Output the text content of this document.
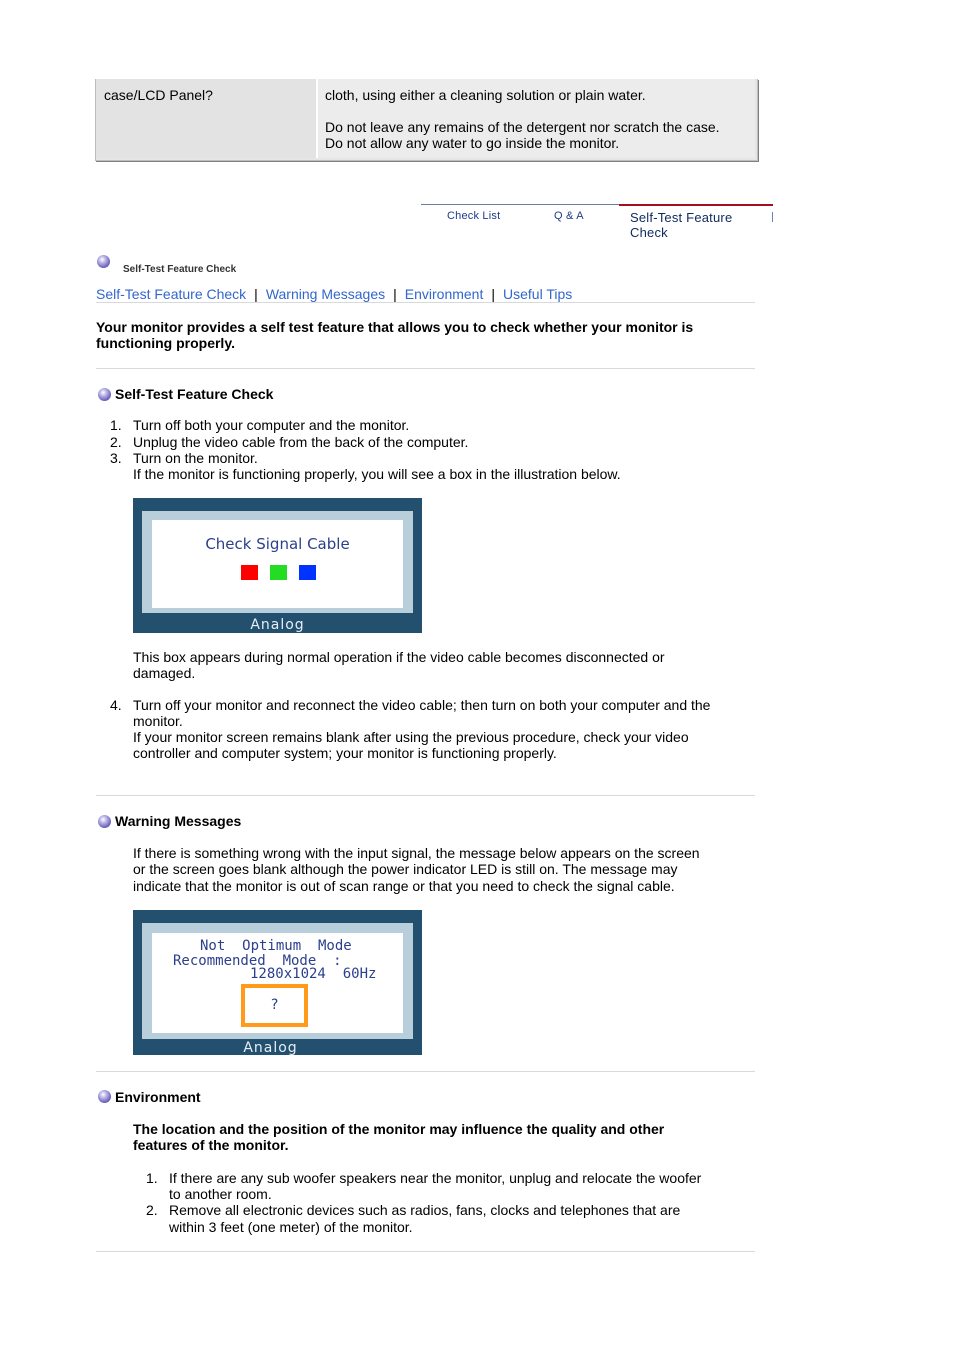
case/LCD Panel?	cloth, using either a cleaning solution or plain water.
Do not leave any remains of the detergent nor scratch the case.
Do not allow any water to go inside the monitor.
Check List	Q & A	Self-Test Feature Check
Self-Test Feature Check
Self-Test Feature Check | Warning Messages | Environment | Useful Tips
Your monitor provides a self test feature that allows you to check whether your monitor is
functioning properly.
Self-Test Feature Check
1. Turn off both your computer and the monitor.
2. Unplug the video cable from the back of the computer.
3. Turn on the monitor.
If the monitor is functioning properly, you will see a box in the illustration below.
Check Signal Cable
Analog
This box appears during normal operation if the video cable becomes disconnected or
damaged.
4. Turn off your monitor and reconnect the video cable; then turn on both your computer and the
monitor.
If your monitor screen remains blank after using the previous procedure, check your video
controller and computer system; your monitor is functioning properly.
Warning Messages
If there is something wrong with the input signal, the message below appears on the screen
or the screen goes blank although the power indicator LED is still on. The message may
indicate that the monitor is out of scan range or that you need to check the signal cable.
Not  Optimum  Mode
Recommended  Mode  :
1280x1024  60Hz
?
Analog
Environment
The location and the position of the monitor may influence the quality and other
features of the monitor.
1. If there are any sub woofer speakers near the monitor, unplug and relocate the woofer
to another room.
2. Remove all electronic devices such as radios, fans, clocks and telephones that are
within 3 feet (one meter) of the monitor.
